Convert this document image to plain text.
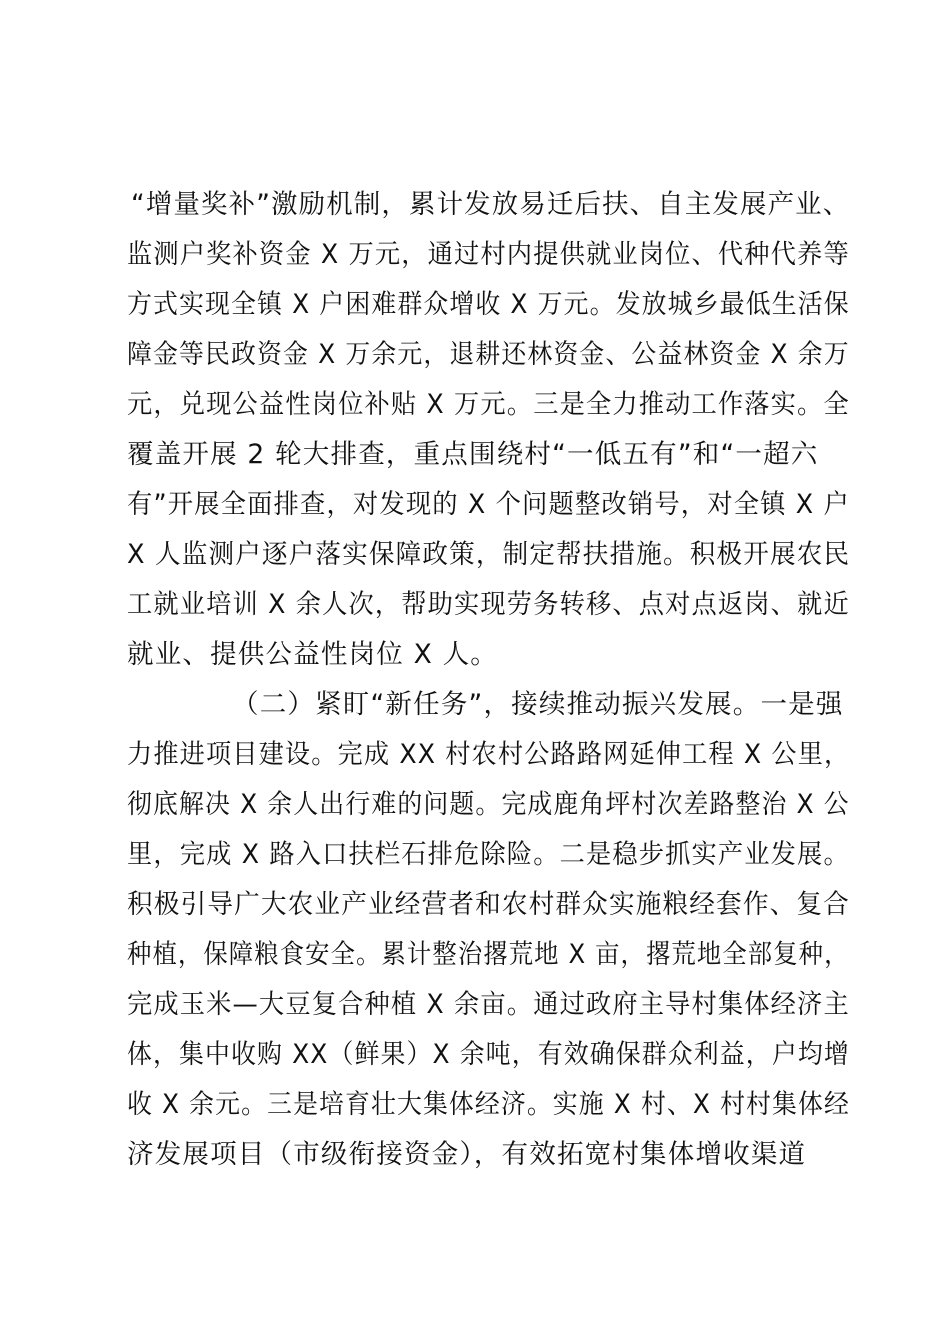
“增量奖补”激励机制，累计发放易迁后扶、自主发展产业、
监测户奖补资金 X 万元，通过村内提供就业岗位、代种代养等
方式实现全镇 X 户困难群众增收 X 万元。发放城乡最低生活保
障金等民政资金 X 万余元，退耕还林资金、公益林资金 X 余万
元，兑现公益性岗位补贴 X 万元。三是全力推动工作落实。全
覆盖开展 2 轮大排查，重点围绕村“一低五有”和“一超六
有”开展全面排查，对发现的 X 个问题整改销号，对全镇 X 户
X 人监测户逐户落实保障政策，制定帮扶措施。积极开展农民
工就业培训 X 余人次，帮助实现劳务转移、点对点返岗、就近
就业、提供公益性岗位 X 人。
（二）紧盯“新任务”，接续推动振兴发展。一是强
力推进项目建设。完成 XX 村农村公路路网延伸工程 X 公里，
彻底解决 X 余人出行难的问题。完成鹿角坪村次差路整治 X 公
里，完成 X 路入口扶栏石排危除险。二是稳步抓实产业发展。
积极引导广大农业产业经营者和农村群众实施粮经套作、复合
种植，保障粮食安全。累计整治撂荒地 X 亩，撂荒地全部复种，
完成玉米—大豆复合种植 X 余亩。通过政府主导村集体经济主
体，集中收购 XX（鲜果）X 余吨，有效确保群众利益，户均增
收 X 余元。三是培育壮大集体经济。实施 X 村、X 村村集体经
济发展项目（市级衔接资金），有效拓宽村集体增收渠道
